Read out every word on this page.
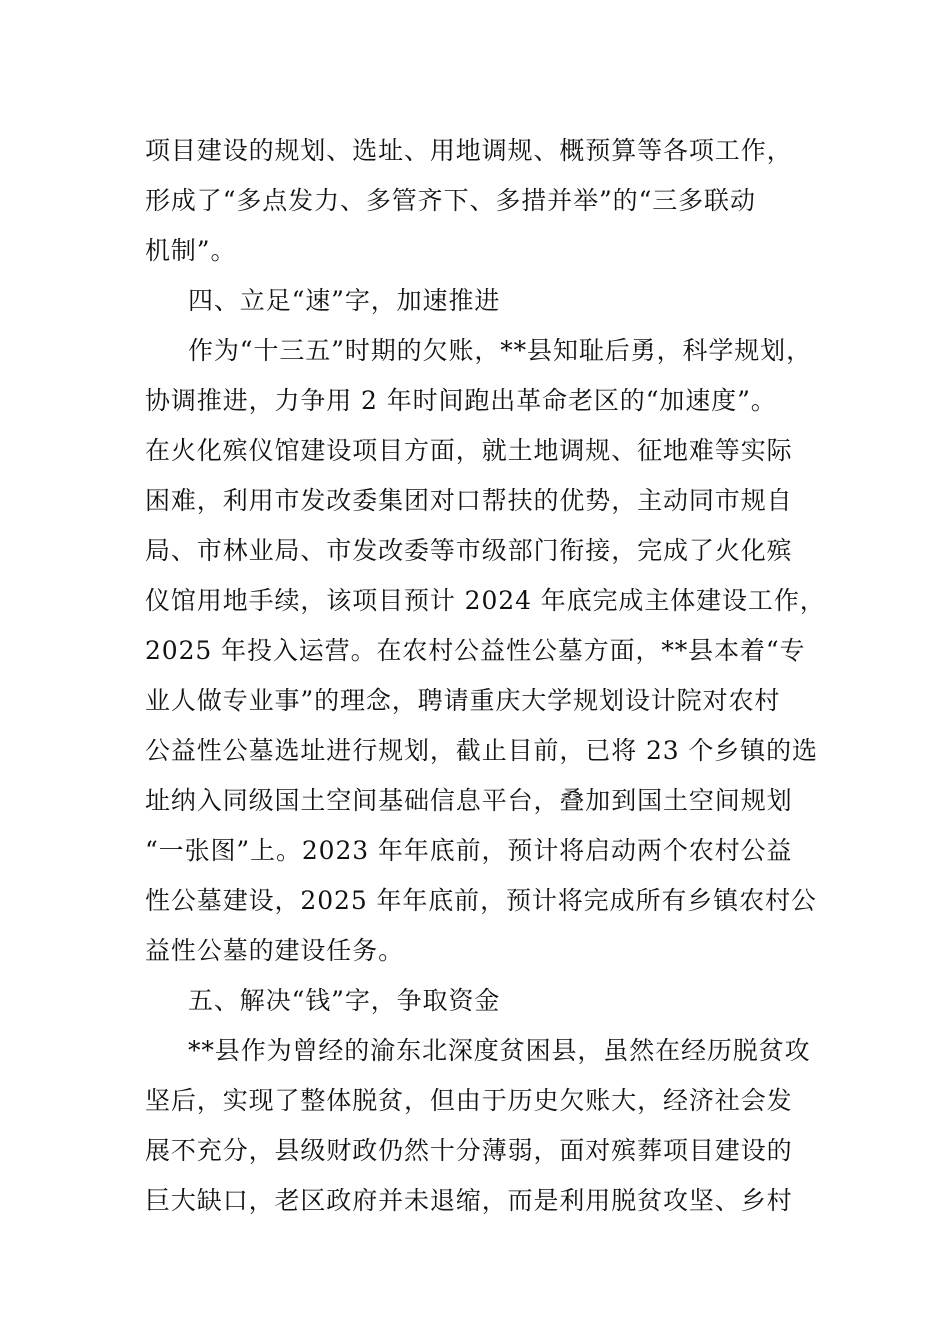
项目建设的规划、选址、用地调规、概预算等各项工作，
形成了“多点发力、多管齐下、多措并举”的“三多联动
机制”。
四、立足“速”字，加速推进
作为“十三五”时期的欠账，**县知耻后勇，科学规划，
协调推进，力争用 2 年时间跑出革命老区的“加速度”。
在火化殡仪馆建设项目方面，就土地调规、征地难等实际
困难，利用市发改委集团对口帮扶的优势，主动同市规自
局、市林业局、市发改委等市级部门衔接，完成了火化殡
仪馆用地手续，该项目预计 2024 年底完成主体建设工作，
2025 年投入运营。在农村公益性公墓方面，**县本着“专
业人做专业事”的理念，聘请重庆大学规划设计院对农村
公益性公墓选址进行规划，截止目前，已将 23 个乡镇的选
址纳入同级国土空间基础信息平台，叠加到国土空间规划
“一张图”上。2023 年年底前，预计将启动两个农村公益
性公墓建设，2025 年年底前，预计将完成所有乡镇农村公
益性公墓的建设任务。
五、解决“钱”字，争取资金
**县作为曾经的渝东北深度贫困县，虽然在经历脱贫攻
坚后，实现了整体脱贫，但由于历史欠账大，经济社会发
展不充分，县级财政仍然十分薄弱，面对殡葬项目建设的
巨大缺口，老区政府并未退缩，而是利用脱贫攻坚、乡村
